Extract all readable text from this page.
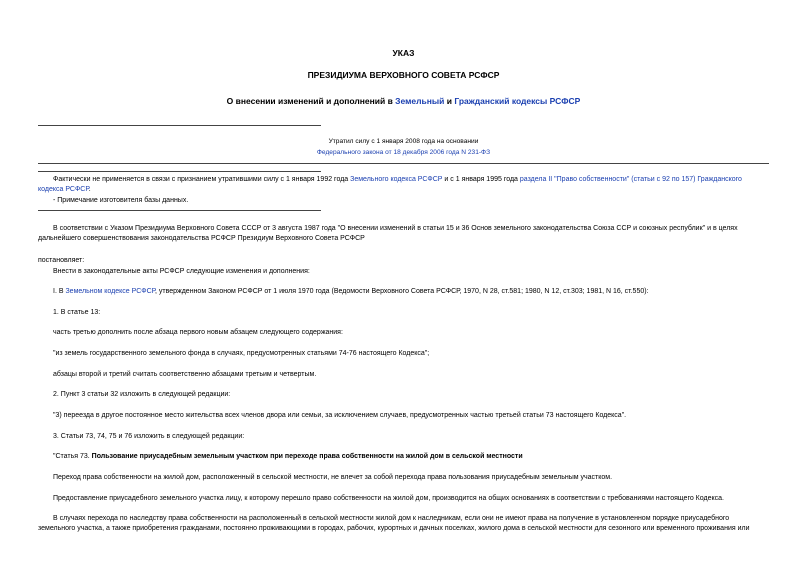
УКАЗ
ПРЕЗИДИУМА ВЕРХОВНОГО СОВЕТА РСФСР
О внесении изменений и дополнений в Земельный и Гражданский кодексы РСФСР
Утратил силу с 1 января 2008 года на основании
Федерального закона от 18 декабря 2006 года N 231-ФЗ
Фактически не применяется в связи с признанием утратившими силу с 1 января 1992 года Земельного кодекса РСФСР и с 1 января 1995 года раздела II "Право собственности" (статьи с 92 по 157) Гражданского
кодекса РСФСР.
- Примечание изготовителя базы данных.
В соответствии с Указом Президиума Верховного Совета СССР от 3 августа 1987 года "О внесении изменений в статьи 15 и 36 Основ земельного законодательства Союза ССР и союзных республик" и в целях
дальнейшего совершенствования законодательства РСФСР Президиум Верховного Совета РСФСР
постановляет:
Внести в законодательные акты РСФСР следующие изменения и дополнения:
I. В Земельном кодексе РСФСР, утвержденном Законом РСФСР от 1 июля 1970 года (Ведомости Верховного Совета РСФСР, 1970, N 28, ст.581; 1980, N 12, ст.303; 1981, N 16, ст.550):
1. В статье 13:
часть третью дополнить после абзаца первого новым абзацем следующего содержания:
"из земель государственного земельного фонда в случаях, предусмотренных статьями 74-76 настоящего Кодекса";
абзацы второй и третий считать соответственно абзацами третьим и четвертым.
2. Пункт 3 статьи 32 изложить в следующей редакции:
"3) переезда в другое постоянное место жительства всех членов двора или семьи, за исключением случаев, предусмотренных частью третьей статьи 73 настоящего Кодекса".
3. Статьи 73, 74, 75 и 76 изложить в следующей редакции:
"Статья 73. Пользование приусадебным земельным участком при переходе права собственности на жилой дом в сельской местности
Переход права собственности на жилой дом, расположенный в сельской местности, не влечет за собой перехода права пользования приусадебным земельным участком.
Предоставление приусадебного земельного участка лицу, к которому перешло право собственности на жилой дом, производится на общих основаниях в соответствии с требованиями настоящего Кодекса.
В случаях перехода по наследству права собственности на расположенный в сельской местности жилой дом к наследникам, если они не имеют права на получение в установленном порядке приусадебного
земельного участка, а также приобретения гражданами, постоянно проживающими в городах, рабочих, курортных и дачных поселках, жилого дома в сельской местности для сезонного или временного проживания или
